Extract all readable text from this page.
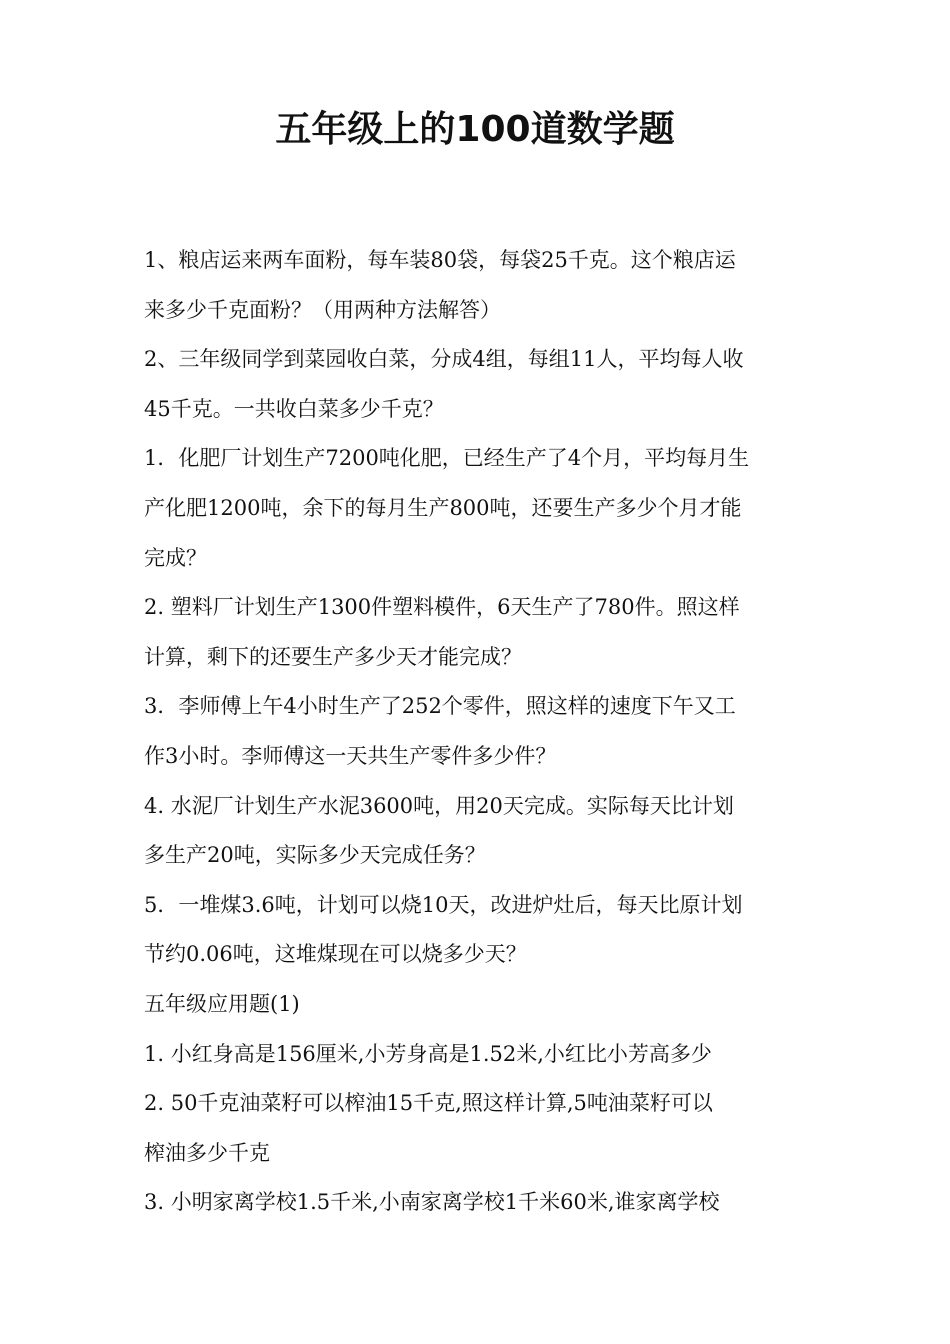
五年级上的100道数学题
1、粮店运来两车面粉，每车装80袋，每袋25千克。这个粮店运
来多少千克面粉？（用两种方法解答）
2、三年级同学到菜园收白菜，分成4组，每组11人，平均每人收
45千克。一共收白菜多少千克？
1．化肥厂计划生产7200吨化肥，已经生产了4个月，平均每月生
产化肥1200吨，余下的每月生产800吨，还要生产多少个月才能
完成？
2. 塑料厂计划生产1300件塑料模件，6天生产了780件。照这样
计算，剩下的还要生产多少天才能完成？
3．李师傅上午4小时生产了252个零件，照这样的速度下午又工
作3小时。李师傅这一天共生产零件多少件？
4. 水泥厂计划生产水泥3600吨，用20天完成。实际每天比计划
多生产20吨，实际多少天完成任务？
5．一堆煤3.6吨，计划可以烧10天，改进炉灶后，每天比原计划
节约0.06吨，这堆煤现在可以烧多少天？
五年级应用题(1)
1. 小红身高是156厘米,小芳身高是1.52米,小红比小芳高多少
2. 50千克油菜籽可以榨油15千克,照这样计算,5吨油菜籽可以
榨油多少千克
3. 小明家离学校1.5千米,小南家离学校1千米60米,谁家离学校
